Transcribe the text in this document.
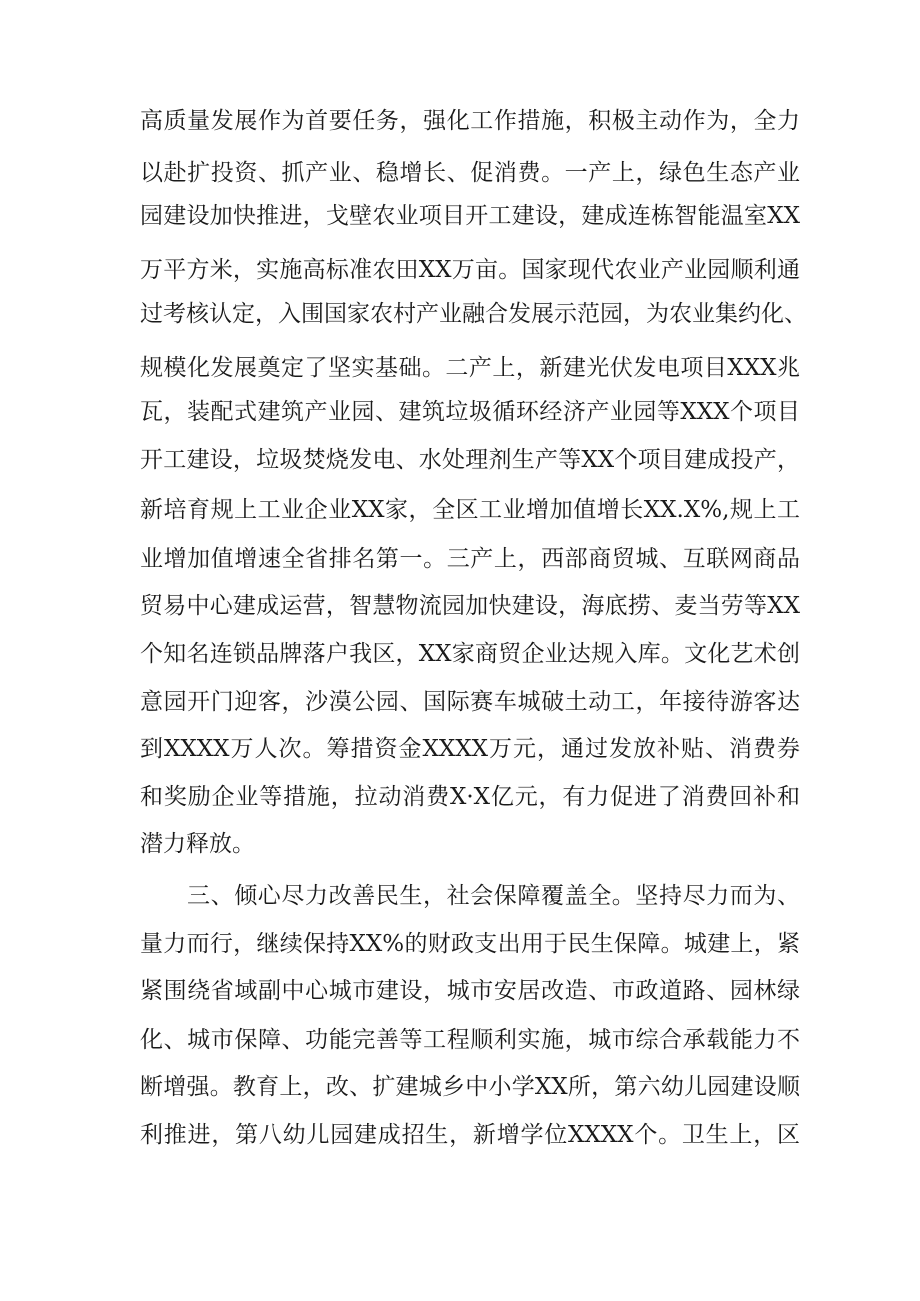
高质量发展作为首要任务，强化工作措施，积极主动作为，全力
以赴扩投资、抓产业、稳增长、促消费。一产上，绿色生态产业
园建设加快推进，戈壁农业项目开工建设，建成连栋智能温室XX
万平方米，实施高标准农田XX万亩。国家现代农业产业园顺利通
过考核认定，入围国家农村产业融合发展示范园，为农业集约化、
规模化发展奠定了坚实基础。二产上，新建光伏发电项目XXX兆
瓦，装配式建筑产业园、建筑垃圾循环经济产业园等XXX个项目
开工建设，垃圾焚烧发电、水处理剂生产等XX个项目建成投产，
新培育规上工业企业XX家，全区工业增加值增长XX.X%,规上工
业增加值增速全省排名第一。三产上，西部商贸城、互联网商品
贸易中心建成运营，智慧物流园加快建设，海底捞、麦当劳等XX
个知名连锁品牌落户我区，XX家商贸企业达规入库。文化艺术创
意园开门迎客，沙漠公园、国际赛车城破土动工，年接待游客达
到XXXX万人次。筹措资金XXXX万元，通过发放补贴、消费券
和奖励企业等措施，拉动消费X·X亿元，有力促进了消费回补和
潜力释放。
三、倾心尽力改善民生，社会保障覆盖全。坚持尽力而为、
量力而行，继续保持XX%的财政支出用于民生保障。城建上，紧
紧围绕省域副中心城市建设，城市安居改造、市政道路、园林绿
化、城市保障、功能完善等工程顺利实施，城市综合承载能力不
断增强。教育上，改、扩建城乡中小学XX所，第六幼儿园建设顺
利推进，第八幼儿园建成招生，新增学位XXXX个。卫生上，区
